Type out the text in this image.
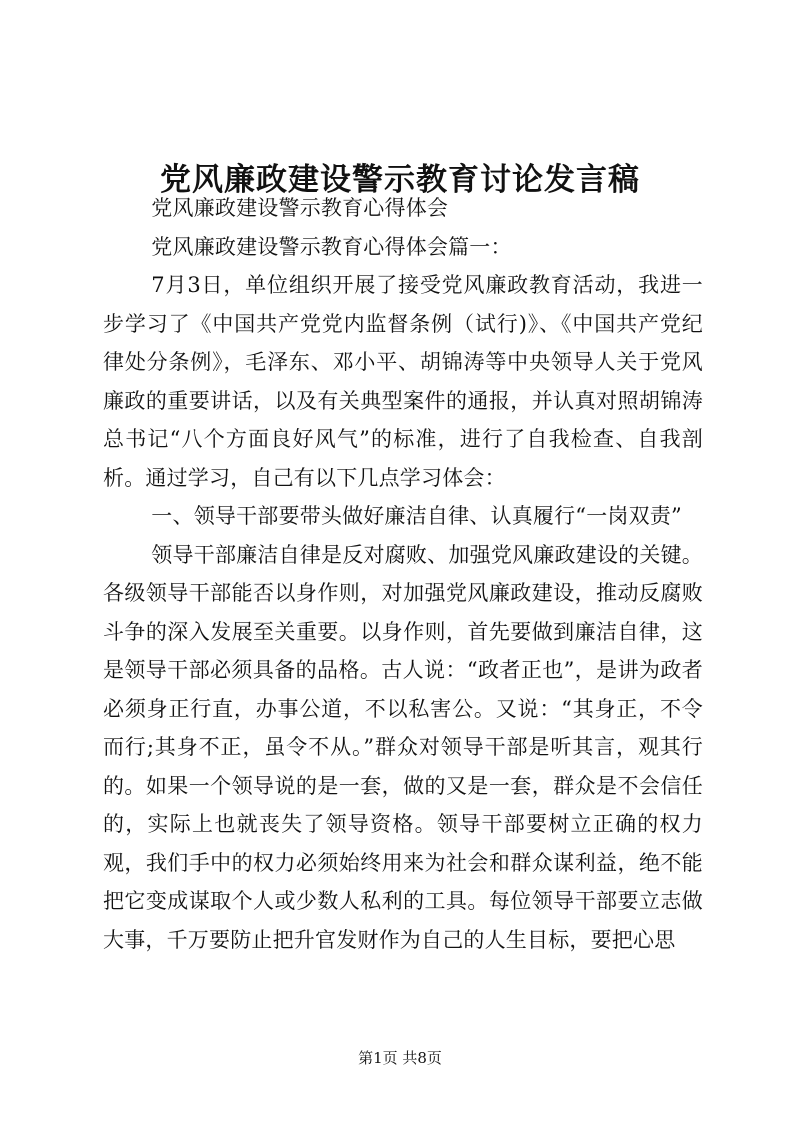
党风廉政建设警示教育讨论发言稿

党风廉政建设警示教育心得体会

党风廉政建设警示教育心得体会篇一：

7月3日，单位组织开展了接受党风廉政教育活动，我进一步学习了《中国共产党党内监督条例（试行)》、《中国共产党纪律处分条例》，毛泽东、邓小平、胡锦涛等中央领导人关于党风廉政的重要讲话，以及有关典型案件的通报，并认真对照胡锦涛总书记“八个方面良好风气”的标准，进行了自我检查、自我剖析。通过学习，自己有以下几点学习体会：

一、领导干部要带头做好廉洁自律、认真履行“一岗双责”

领导干部廉洁自律是反对腐败、加强党风廉政建设的关键。各级领导干部能否以身作则，对加强党风廉政建设，推动反腐败斗争的深入发展至关重要。以身作则，首先要做到廉洁自律，这是领导干部必须具备的品格。古人说：“政者正也”，是讲为政者必须身正行直，办事公道，不以私害公。又说：“其身正，不令而行;其身不正，虽令不从。”群众对领导干部是听其言，观其行的。如果一个领导说的是一套，做的又是一套，群众是不会信任的，实际上也就丧失了领导资格。领导干部要树立正确的权力观，我们手中的权力必须始终用来为社会和群众谋利益，绝不能把它变成谋取个人或少数人私利的工具。每位领导干部要立志做大事，千万要防止把升官发财作为自己的人生目标，要把心思

第1页 共8页
